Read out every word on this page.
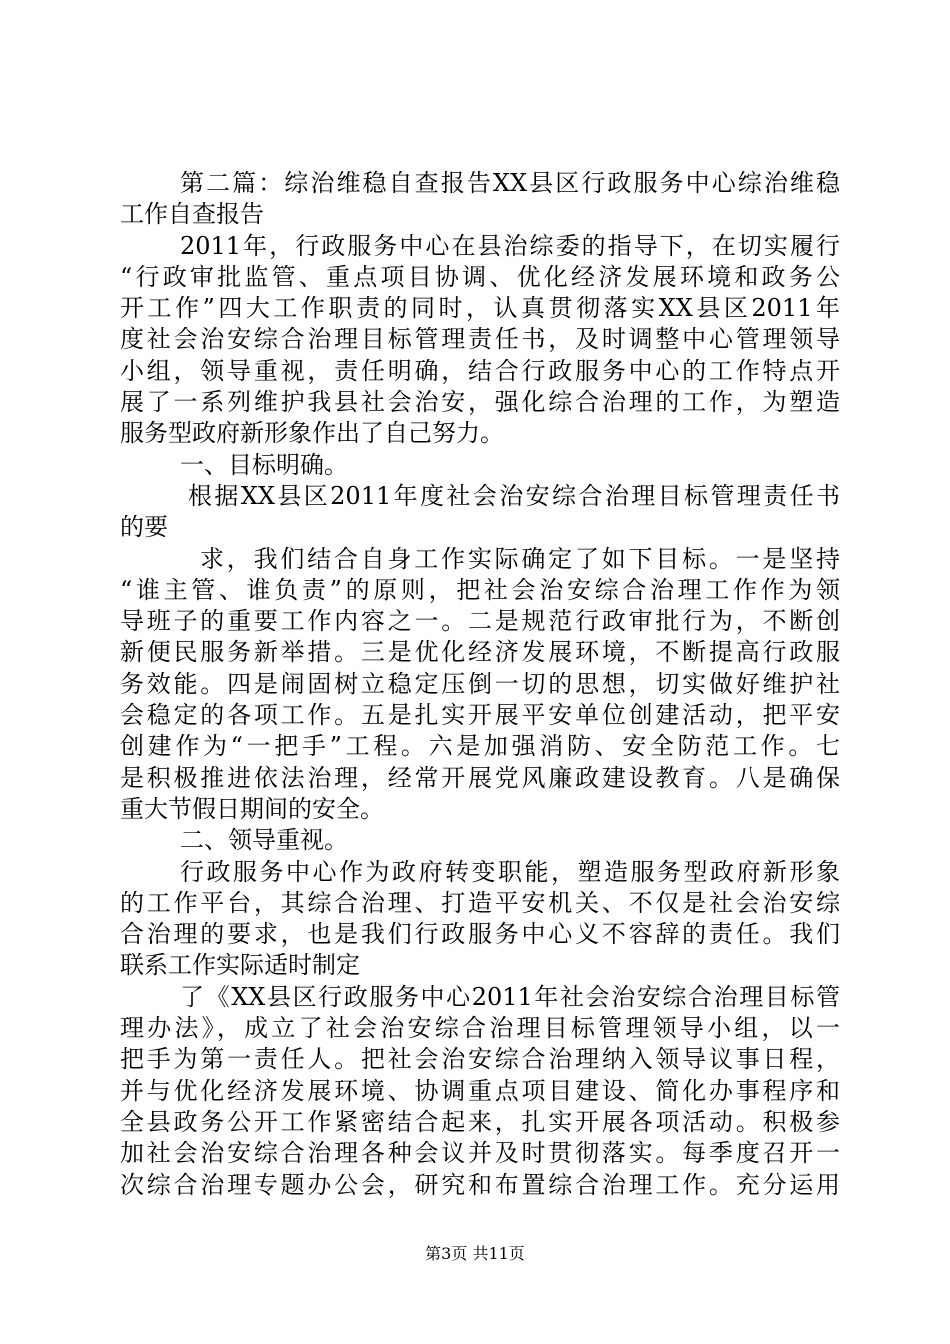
第二篇：综治维稳自查报告XX县区行政服务中心综治维稳
工作自查报告
2011年，行政服务中心在县治综委的指导下，在切实履行
“行政审批监管、重点项目协调、优化经济发展环境和政务公
开工作”四大工作职责的同时，认真贯彻落实XX县区2011年
度社会治安综合治理目标管理责任书，及时调整中心管理领导
小组，领导重视，责任明确，结合行政服务中心的工作特点开
展了一系列维护我县社会治安，强化综合治理的工作，为塑造
服务型政府新形象作出了自己努力。
一、目标明确。
根据XX县区2011年度社会治安综合治理目标管理责任书
的要
求，我们结合自身工作实际确定了如下目标。一是坚持
“谁主管、谁负责”的原则，把社会治安综合治理工作作为领
导班子的重要工作内容之一。二是规范行政审批行为，不断创
新便民服务新举措。三是优化经济发展环境，不断提高行政服
务效能。四是闹固树立稳定压倒一切的思想，切实做好维护社
会稳定的各项工作。五是扎实开展平安单位创建活动，把平安
创建作为“一把手”工程。六是加强消防、安全防范工作。七
是积极推进依法治理，经常开展党风廉政建设教育。八是确保
重大节假日期间的安全。
二、领导重视。
行政服务中心作为政府转变职能，塑造服务型政府新形象
的工作平台，其综合治理、打造平安机关、不仅是社会治安综
合治理的要求，也是我们行政服务中心义不容辞的责任。我们
联系工作实际适时制定
了《XX县区行政服务中心2011年社会治安综合治理目标管
理办法》，成立了社会治安综合治理目标管理领导小组，以一
把手为第一责任人。把社会治安综合治理纳入领导议事日程，
并与优化经济发展环境、协调重点项目建设、简化办事程序和
全县政务公开工作紧密结合起来，扎实开展各项活动。积极参
加社会治安综合治理各种会议并及时贯彻落实。每季度召开一
次综合治理专题办公会，研究和布置综合治理工作。充分运用
第3页 共11页
